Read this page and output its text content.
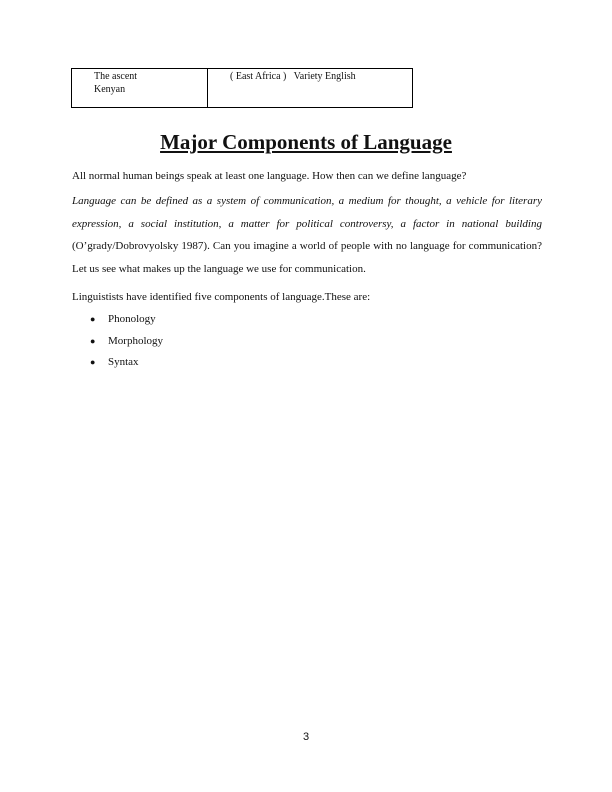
The ascent
Kenyan

( East Africa )   Variety English
Major Components of Language

All normal human beings speak at least one language. How then can we define language?

Language can be defined as a system of communication, a medium for thought, a vehicle for literary expression, a social institution, a matter for political controversy, a factor in national building (O’grady/Dobrovyolsky 1987). Can you imagine a world of people with no language for communication? Let us see what makes up the language we use for communication.

Linguistists have identified five components of language.These are:

● Phonology
● Morphology
● Syntax
3
